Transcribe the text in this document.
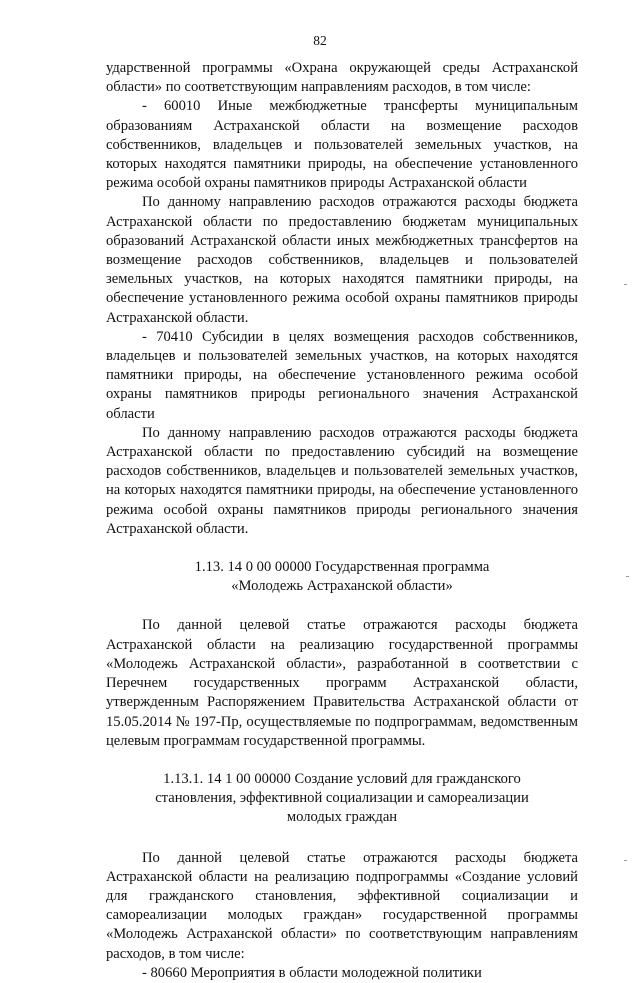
82

ударственной программы «Охрана окружающей среды Астраханской области» по соответствующим направлениям расходов, в том числе:

- 60010 Иные межбюджетные трансферты муниципальным образованиям Астраханской области на возмещение расходов собственников, владельцев и пользователей земельных участков, на которых находятся памятники природы, на обеспечение установленного режима особой охраны памятников природы Астраханской области

По данному направлению расходов отражаются расходы бюджета Астраханской области по предоставлению бюджетам муниципальных образований Астраханской области иных межбюджетных трансфертов на возмещение расходов собственников, владельцев и пользователей земельных участков, на которых находятся памятники природы, на обеспечение установленного режима особой охраны памятников природы Астраханской области.

- 70410 Субсидии в целях возмещения расходов собственников, владельцев и пользователей земельных участков, на которых находятся памятники природы, на обеспечение установленного режима особой охраны памятников природы регионального значения Астраханской области

По данному направлению расходов отражаются расходы бюджета Астраханской области по предоставлению субсидий на возмещение расходов собственников, владельцев и пользователей земельных участков, на которых находятся памятники природы, на обеспечение установленного режима особой охраны памятников природы регионального значения Астраханской области.

1.13. 14 0 00 00000 Государственная программа
«Молодежь Астраханской области»

По данной целевой статье отражаются расходы бюджета Астраханской области на реализацию государственной программы «Молодежь Астраханской области», разработанной в соответствии с Перечнем государственных программ Астраханской области, утвержденным Распоряжением Правительства Астраханской области от 15.05.2014 № 197-Пр, осуществляемые по подпрограммам, ведомственным целевым программам государственной программы.

1.13.1. 14 1 00 00000 Создание условий для гражданского
становления, эффективной социализации и самореализации
молодых граждан

По данной целевой статье отражаются расходы бюджета Астраханской области на реализацию подпрограммы «Создание условий для гражданского становления, эффективной социализации и самореализации молодых граждан» государственной программы «Молодежь Астраханской области» по соответствующим направлениям расходов, в том числе:

- 80660 Мероприятия в области молодежной политики
